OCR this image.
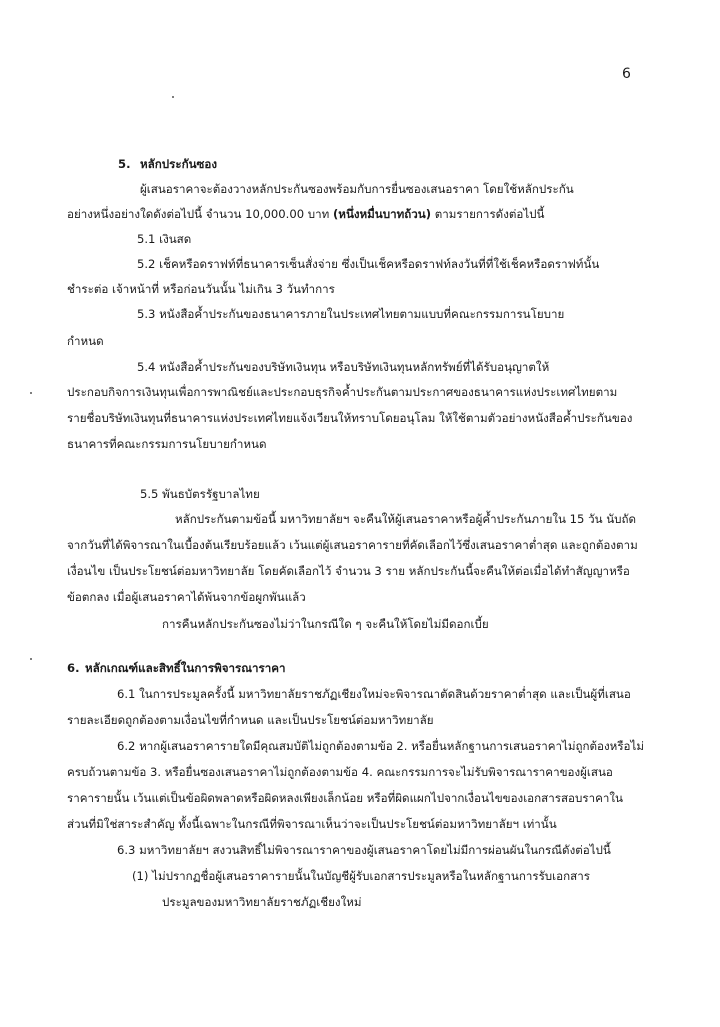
6
5. หลักประกันซอง
ผู้เสนอราคาจะต้องวางหลักประกันซองพร้อมกับการยื่นซองเสนอราคา โดยใช้หลักประกัน
อย่างหนึ่งอย่างใดดังต่อไปนี้ จำนวน 10,000.00 บาท (หนึ่งหมื่นบาทถ้วน) ตามรายการดังต่อไปนี้
5.1 เงินสด
5.2 เช็คหรือดราฟท์ที่ธนาคารเซ็นสั่งจ่าย ซึ่งเป็นเช็คหรือดราฟท์ลงวันที่ที่ใช้เช็คหรือดราฟท์นั้น
ชำระต่อ เจ้าหน้าที่ หรือก่อนวันนั้น ไม่เกิน 3 วันทำการ
5.3 หนังสือค้ำประกันของธนาคารภายในประเทศไทยตามแบบที่คณะกรรมการนโยบาย
กำหนด
5.4 หนังสือค้ำประกันของบริษัทเงินทุน หรือบริษัทเงินทุนหลักทรัพย์ที่ได้รับอนุญาตให้
ประกอบกิจการเงินทุนเพื่อการพาณิชย์และประกอบธุรกิจค้ำประกันตามประกาศของธนาคารแห่งประเทศไทยตาม
รายชื่อบริษัทเงินทุนที่ธนาคารแห่งประเทศไทยแจ้งเวียนให้ทราบโดยอนุโลม ให้ใช้ตามตัวอย่างหนังสือค้ำประกันของ
ธนาคารที่คณะกรรมการนโยบายกำหนด
5.5 พันธบัตรรัฐบาลไทย
หลักประกันตามข้อนี้ มหาวิทยาลัยฯ จะคืนให้ผู้เสนอราคาหรือผู้ค้ำประกันภายใน 15 วัน นับถัด
จากวันที่ได้พิจารณาในเบื้องต้นเรียบร้อยแล้ว เว้นแต่ผู้เสนอราคารายที่คัดเลือกไว้ซึ่งเสนอราคาต่ำสุด และถูกต้องตาม
เงื่อนไข เป็นประโยชน์ต่อมหาวิทยาลัย โดยคัดเลือกไว้ จำนวน 3 ราย หลักประกันนี้จะคืนให้ต่อเมื่อได้ทำสัญญาหรือ
ข้อตกลง เมื่อผู้เสนอราคาได้พ้นจากข้อผูกพันแล้ว
การคืนหลักประกันซองไม่ว่าในกรณีใด ๆ จะคืนให้โดยไม่มีดอกเบี้ย
6. หลักเกณฑ์และสิทธิ์ในการพิจารณาราคา
6.1 ในการประมูลครั้งนี้ มหาวิทยาลัยราชภัฏเชียงใหม่จะพิจารณาตัดสินด้วยราคาต่ำสุด และเป็นผู้ที่เสนอ
รายละเอียดถูกต้องตามเงื่อนไขที่กำหนด และเป็นประโยชน์ต่อมหาวิทยาลัย
6.2 หากผู้เสนอราคารายใดมีคุณสมบัติไม่ถูกต้องตามข้อ 2. หรือยื่นหลักฐานการเสนอราคาไม่ถูกต้องหรือไม่
ครบถ้วนตามข้อ 3. หรือยื่นซองเสนอราคาไม่ถูกต้องตามข้อ 4. คณะกรรมการจะไม่รับพิจารณาราคาของผู้เสนอ
ราคารายนั้น เว้นแต่เป็นข้อผิดพลาดหรือผิดหลงเพียงเล็กน้อย หรือที่ผิดแผกไปจากเงื่อนไขของเอกสารสอบราคาใน
ส่วนที่มิใช่สาระสำคัญ ทั้งนี้เฉพาะในกรณีที่พิจารณาเห็นว่าจะเป็นประโยชน์ต่อมหาวิทยาลัยฯ เท่านั้น
6.3 มหาวิทยาลัยฯ สงวนสิทธิ์ไม่พิจารณาราคาของผู้เสนอราคาโดยไม่มีการผ่อนผันในกรณีดังต่อไปนี้
(1) ไม่ปรากฏชื่อผู้เสนอราคารายนั้นในบัญชีผู้รับเอกสารประมูลหรือในหลักฐานการรับเอกสาร
ประมูลของมหาวิทยาลัยราชภัฏเชียงใหม่
